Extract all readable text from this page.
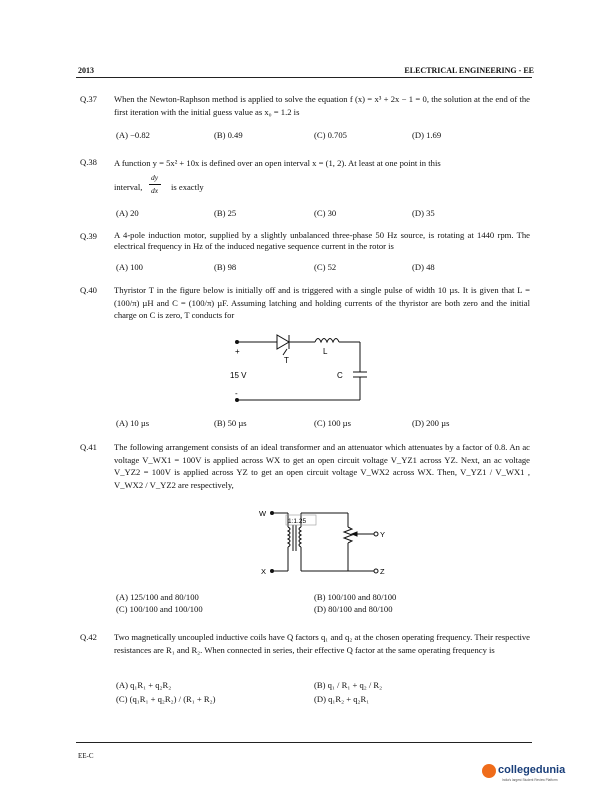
2013	ELECTRICAL ENGINEERING - EE
Q.37 When the Newton-Raphson method is applied to solve the equation f (x) = x³ + 2x − 1 = 0, the solution at the end of the first iteration with the initial guess value as x₀ = 1.2 is
(A) −0.82	(B) 0.49	(C) 0.705	(D) 1.69
Q.38 A function y = 5x² + 10x is defined over an open interval x = (1, 2). At least at one point in this
interval,
dy
dx is exactly
(A) 20	(B) 25	(C) 30	(D) 35
Q.39 A 4-pole induction motor, supplied by a slightly unbalanced three-phase 50 Hz source, is rotating at 1440 rpm. The electrical frequency in Hz of the induced negative sequence current in the rotor is
(A) 100	(B) 98	(C) 52	(D) 48
Q.40 Thyristor T in the figure below is initially off and is triggered with a single pulse of width 10 µs. It is given that L = (100/π) µH and C = (100/π) µF. Assuming latching and holding currents of the thyristor are both zero and the initial charge on C is zero, T conducts for
+
-
15 V
T
L
C
(A) 10 µs	(B) 50 µs	(C) 100 µs	(D) 200 µs
Q.41 The following arrangement consists of an ideal transformer and an attenuator which attenuates by a factor of 0.8. An ac voltage V_WX1 = 100V is applied across WX to get an open circuit voltage V_YZ1 across YZ. Next, an ac voltage V_YZ2 = 100V is applied across YZ to get an open circuit voltage V_WX2 across WX. Then, V_YZ1 / V_WX1 , V_WX2 / V_YZ2 are respectively,
W
X
Y
Z
1:1.25
(A) 125/100 and 80/100	(B) 100/100 and 80/100
(C) 100/100 and 100/100	(D) 80/100 and 80/100
Q.42 Two magnetically uncoupled inductive coils have Q factors q₁ and q₂ at the chosen operating frequency. Their respective resistances are R₁ and R₂. When connected in series, their effective Q factor at the same operating frequency is
(A) q₁R₁ + q₂R₂	(B) q₁ / R₁ + q₂ / R₂
(C) (q₁R₁ + q₂R₂) / (R₁ + R₂)	(D) q₁R₂ + q₂R₁
EE-C
collegedunia
India's largest Student Review Platform
